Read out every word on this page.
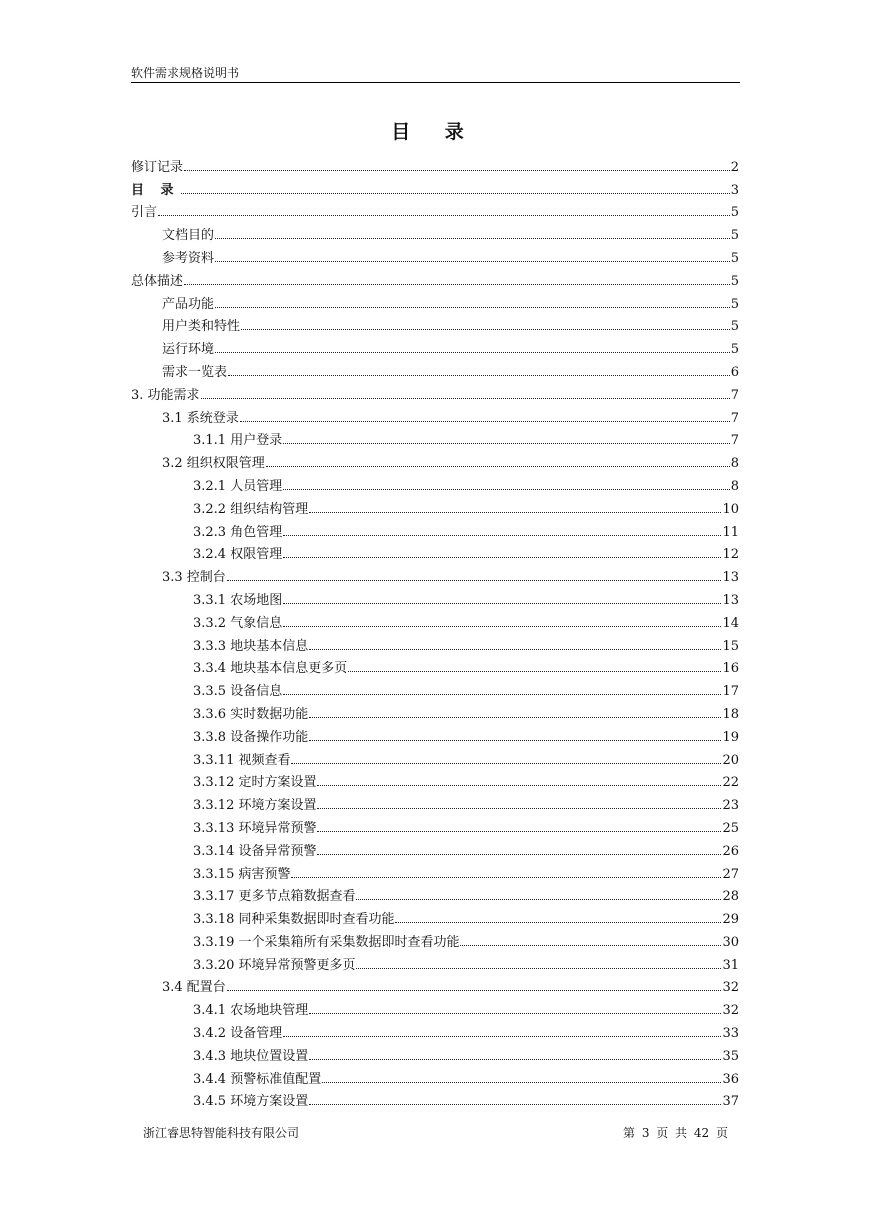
软件需求规格说明书
目 录
修订记录	2
目 录	3
引言	5
文档目的	5
参考资料	5
总体描述	5
产品功能	5
用户类和特性	5
运行环境	5
需求一览表	6
3. 功能需求	7
3.1 系统登录	7
3.1.1 用户登录	7
3.2 组织权限管理	8
3.2.1 人员管理	8
3.2.2 组织结构管理	10
3.2.3 角色管理	11
3.2.4 权限管理	12
3.3 控制台	13
3.3.1 农场地图	13
3.3.2 气象信息	14
3.3.3 地块基本信息	15
3.3.4 地块基本信息更多页	16
3.3.5 设备信息	17
3.3.6 实时数据功能	18
3.3.8 设备操作功能	19
3.3.11 视频查看	20
3.3.12 定时方案设置	22
3.3.12 环境方案设置	23
3.3.13 环境异常预警	25
3.3.14 设备异常预警	26
3.3.15 病害预警	27
3.3.17 更多节点箱数据查看	28
3.3.18 同种采集数据即时查看功能	29
3.3.19 一个采集箱所有采集数据即时查看功能	30
3.3.20 环境异常预警更多页	31
3.4 配置台	32
3.4.1 农场地块管理	32
3.4.2 设备管理	33
3.4.3 地块位置设置	35
3.4.4 预警标准值配置	36
3.4.5 环境方案设置	37
浙江睿思特智能科技有限公司	第 3 页 共 42 页
